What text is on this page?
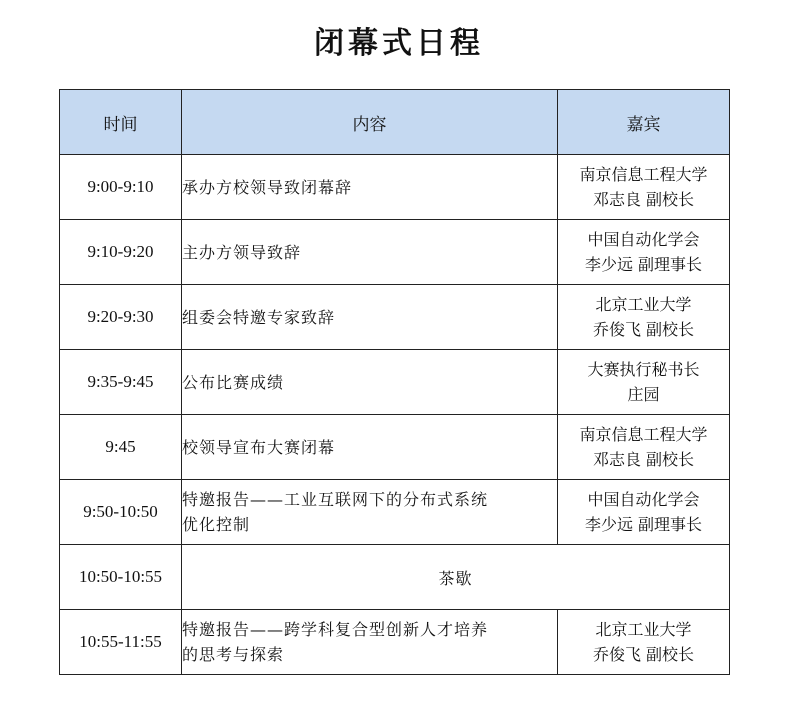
闭幕式日程
时间	内容	嘉宾
9:00-9:10	承办方校领导致闭幕辞	南京信息工程大学
邓志良 副校长

9:10-9:20	主办方领导致辞	中国自动化学会
李少远 副理事长

9:20-9:30	组委会特邀专家致辞	北京工业大学
乔俊飞 副校长

9:35-9:45	公布比赛成绩	大赛执行秘书长
庄园

9:45	校领导宣布大赛闭幕	南京信息工程大学
邓志良 副校长

9:50-10:50	特邀报告——工业互联网下的分布式系统
优化控制	中国自动化学会
李少远 副理事长

10:50-10:55	茶歇	
10:55-11:55	特邀报告——跨学科复合型创新人才培养
的思考与探索	北京工业大学
乔俊飞 副校长
